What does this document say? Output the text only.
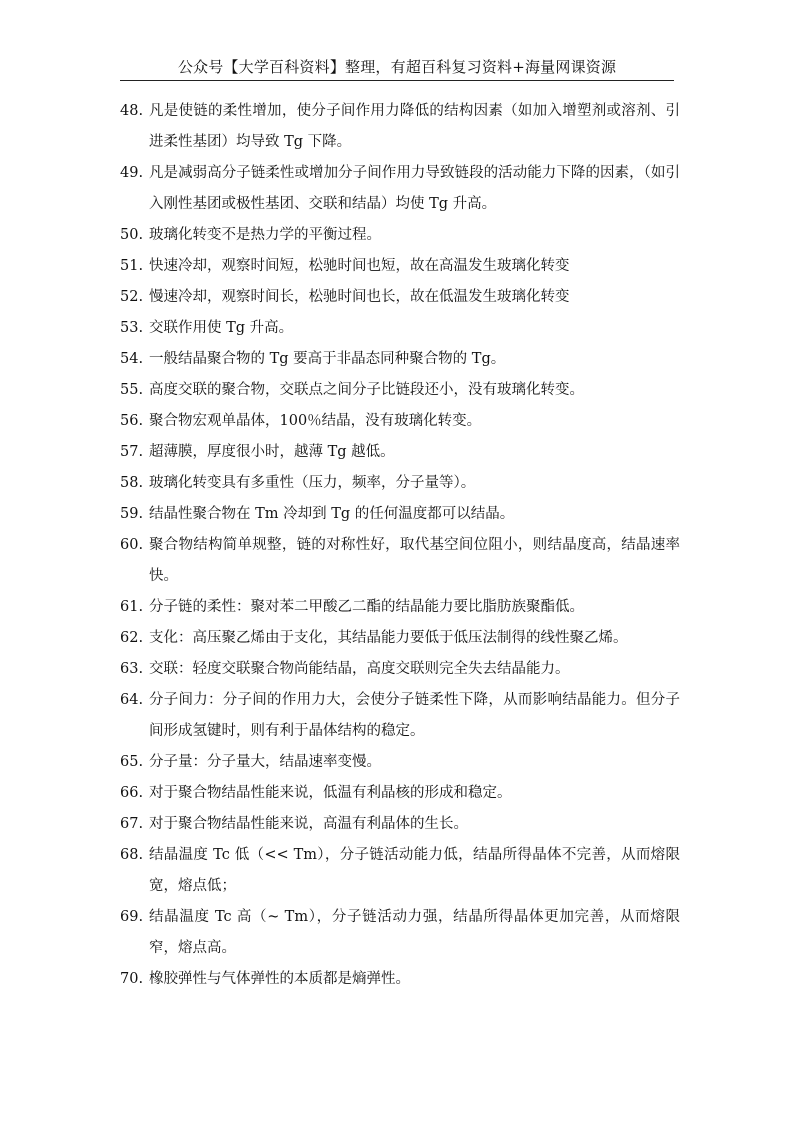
公众号【大学百科资料】整理，有超百科复习资料+海量网课资源
48. 凡是使链的柔性增加，使分子间作用力降低的结构因素（如加入增塑剂或溶剂、引进柔性基团）均导致 Tg 下降。
49. 凡是减弱高分子链柔性或增加分子间作用力导致链段的活动能力下降的因素，（如引入刚性基团或极性基团、交联和结晶）均使 Tg 升高。
50. 玻璃化转变不是热力学的平衡过程。
51. 快速冷却，观察时间短，松驰时间也短，故在高温发生玻璃化转变
52. 慢速冷却，观察时间长，松驰时间也长，故在低温发生玻璃化转变
53. 交联作用使 Tg 升高。
54. 一般结晶聚合物的 Tg 要高于非晶态同种聚合物的 Tg。
55. 高度交联的聚合物，交联点之间分子比链段还小，没有玻璃化转变。
56. 聚合物宏观单晶体，100％结晶，没有玻璃化转变。
57. 超薄膜，厚度很小时，越薄 Tg 越低。
58. 玻璃化转变具有多重性（压力，频率，分子量等）。
59. 结晶性聚合物在 Tm 冷却到 Tg 的任何温度都可以结晶。
60. 聚合物结构简单规整，链的对称性好，取代基空间位阻小，则结晶度高，结晶速率快。
61. 分子链的柔性：聚对苯二甲酸乙二酯的结晶能力要比脂肪族聚酯低。
62. 支化：高压聚乙烯由于支化，其结晶能力要低于低压法制得的线性聚乙烯。
63. 交联：轻度交联聚合物尚能结晶，高度交联则完全失去结晶能力。
64. 分子间力：分子间的作用力大，会使分子链柔性下降，从而影响结晶能力。但分子间形成氢键时，则有利于晶体结构的稳定。
65. 分子量：分子量大，结晶速率变慢。
66. 对于聚合物结晶性能来说，低温有利晶核的形成和稳定。
67. 对于聚合物结晶性能来说，高温有利晶体的生长。
68. 结晶温度 Tc 低（<< Tm），分子链活动能力低，结晶所得晶体不完善，从而熔限宽，熔点低；
69. 结晶温度 Tc 高（~ Tm），分子链活动力强，结晶所得晶体更加完善，从而熔限窄，熔点高。
70. 橡胶弹性与气体弹性的本质都是熵弹性。
